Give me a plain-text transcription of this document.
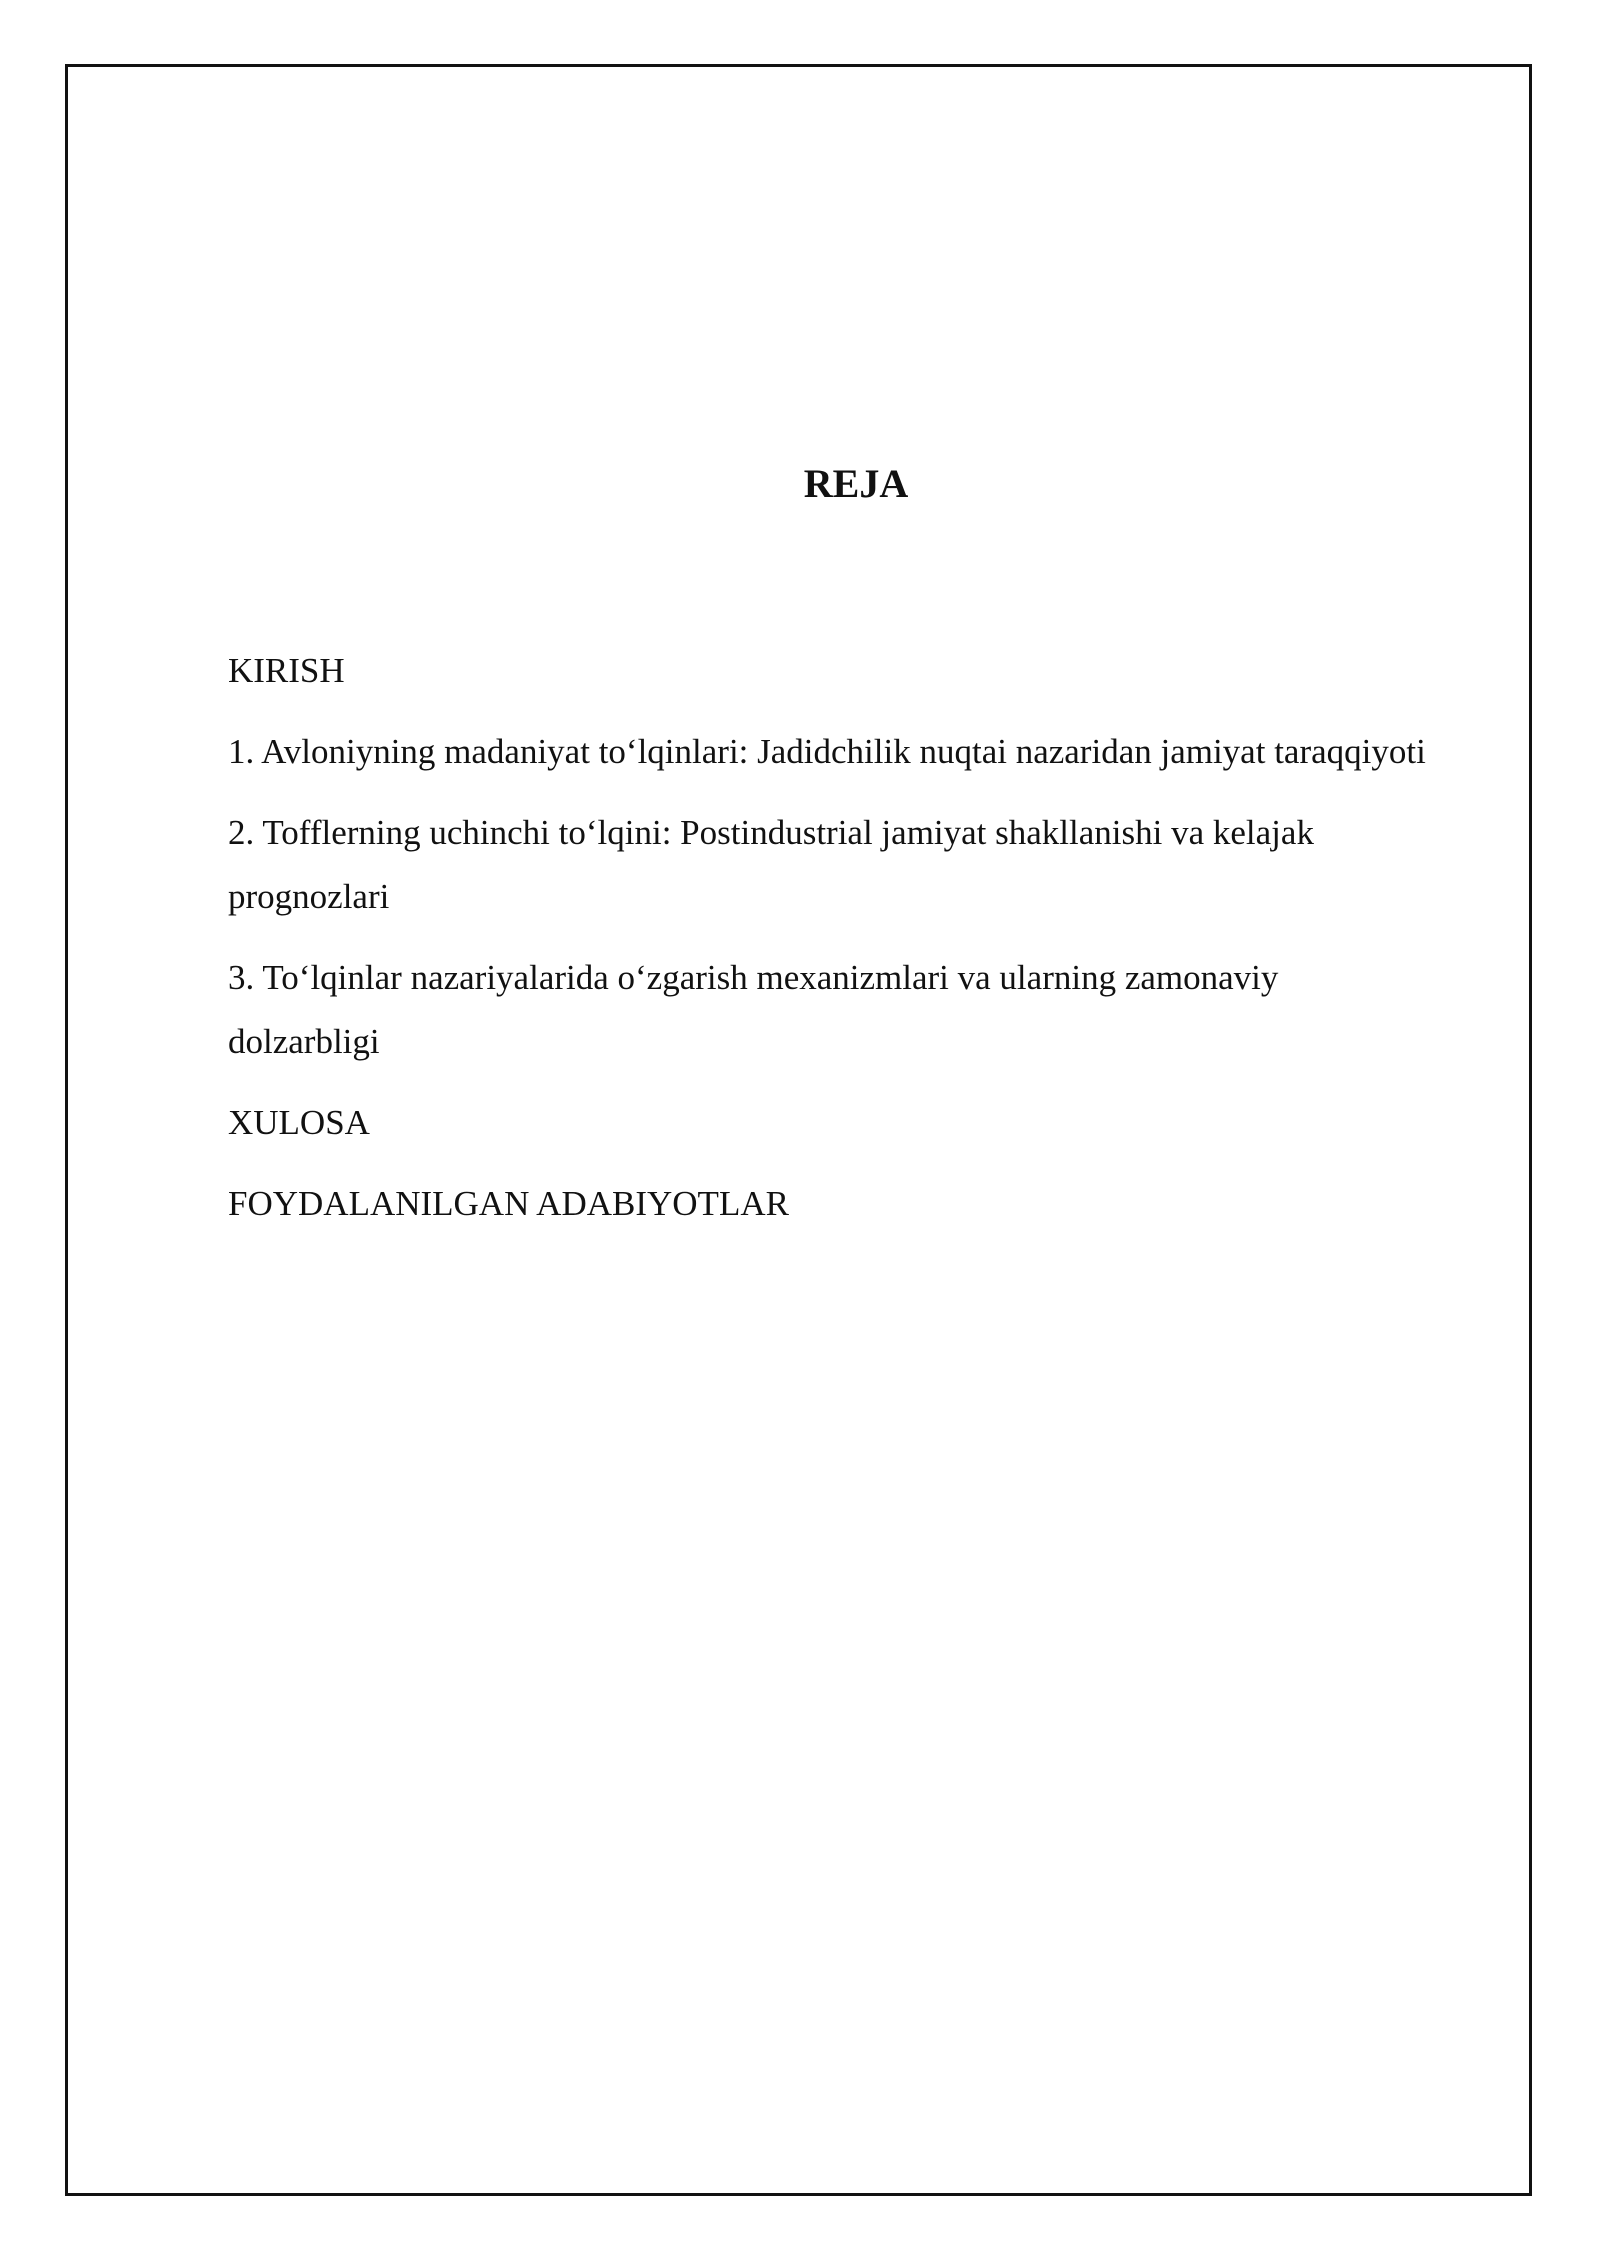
REJA
KIRISH
1. Avloniyning madaniyat to‘lqinlari: Jadidchilik nuqtai nazaridan jamiyat taraqqiyoti
2. Tofflerning uchinchi to‘lqini: Postindustrial jamiyat shakllanishi va kelajak prognozlari
3. To‘lqinlar nazariyalarida o‘zgarish mexanizmlari va ularning zamonaviy dolzarbligi
XULOSA
FOYDALANILGAN ADABIYOTLAR
